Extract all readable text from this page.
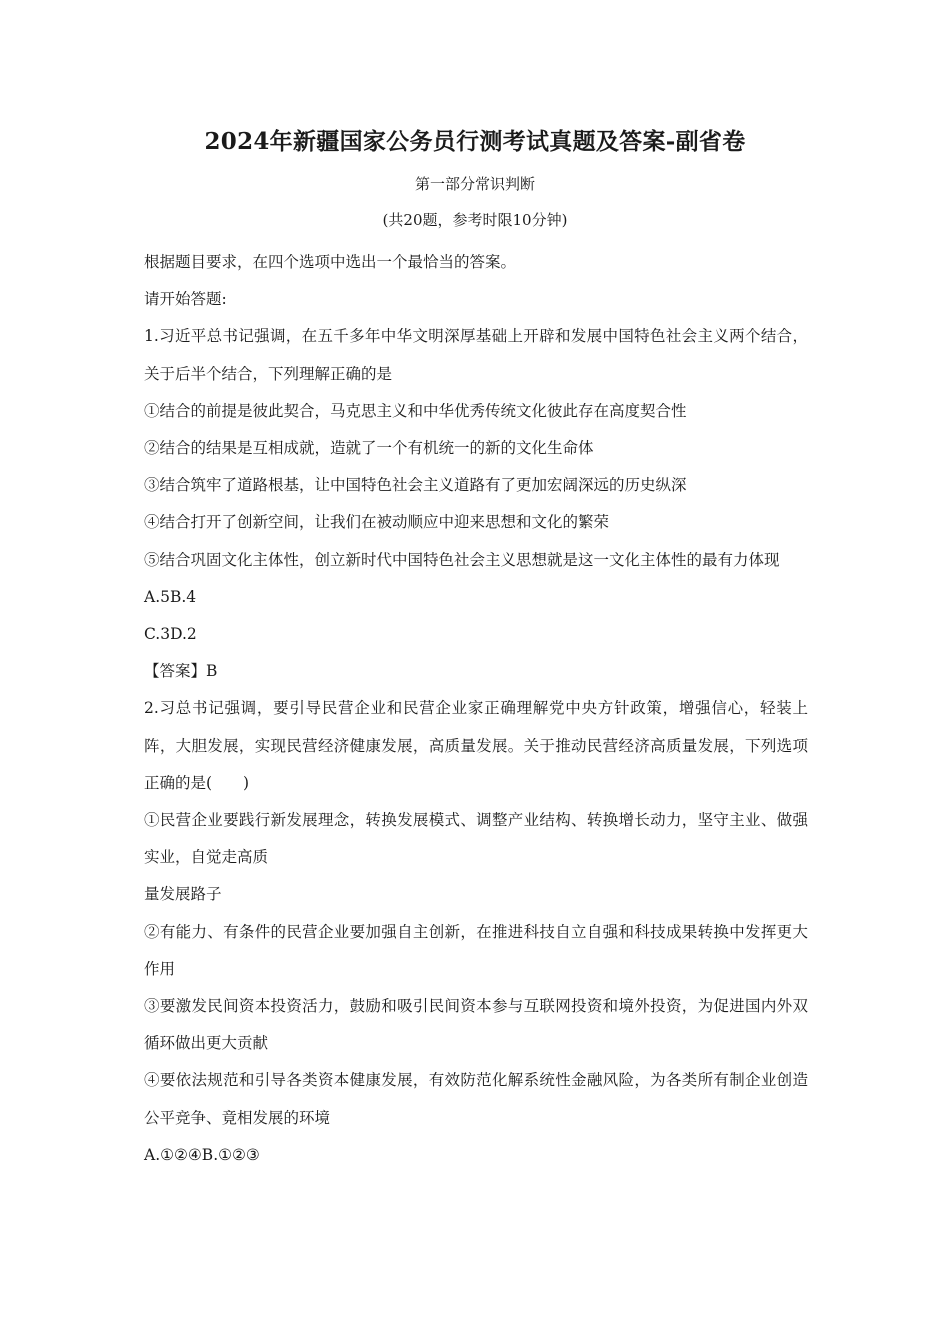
2024年新疆国家公务员行测考试真题及答案-副省卷
第一部分常识判断
(共20题，参考时限10分钟)
根据题目要求，在四个选项中选出一个最恰当的答案。
请开始答题:
1.习近平总书记强调，在五千多年中华文明深厚基础上开辟和发展中国特色社会主义两个结合，关于后半个结合，下列理解正确的是
①结合的前提是彼此契合，马克思主义和中华优秀传统文化彼此存在高度契合性
②结合的结果是互相成就，造就了一个有机统一的新的文化生命体
③结合筑牢了道路根基，让中国特色社会主义道路有了更加宏阔深远的历史纵深
④结合打开了创新空间，让我们在被动顺应中迎来思想和文化的繁荣
⑤结合巩固文化主体性，创立新时代中国特色社会主义思想就是这一文化主体性的最有力体现
A.5B.4
C.3D.2
【答案】B
2.习总书记强调，要引导民营企业和民营企业家正确理解党中央方针政策，增强信心，轻装上阵，大胆发展，实现民营经济健康发展，高质量发展。关于推动民营经济高质量发展，下列选项正确的是(　　)
①民营企业要践行新发展理念，转换发展模式、调整产业结构、转换增长动力，坚守主业、做强实业，自觉走高质
量发展路子
②有能力、有条件的民营企业要加强自主创新，在推进科技自立自强和科技成果转换中发挥更大作用
③要激发民间资本投资活力，鼓励和吸引民间资本参与互联网投资和境外投资，为促进国内外双循环做出更大贡献
④要依法规范和引导各类资本健康发展，有效防范化解系统性金融风险，为各类所有制企业创造公平竞争、竟相发展的环境
A.①②④B.①②③
